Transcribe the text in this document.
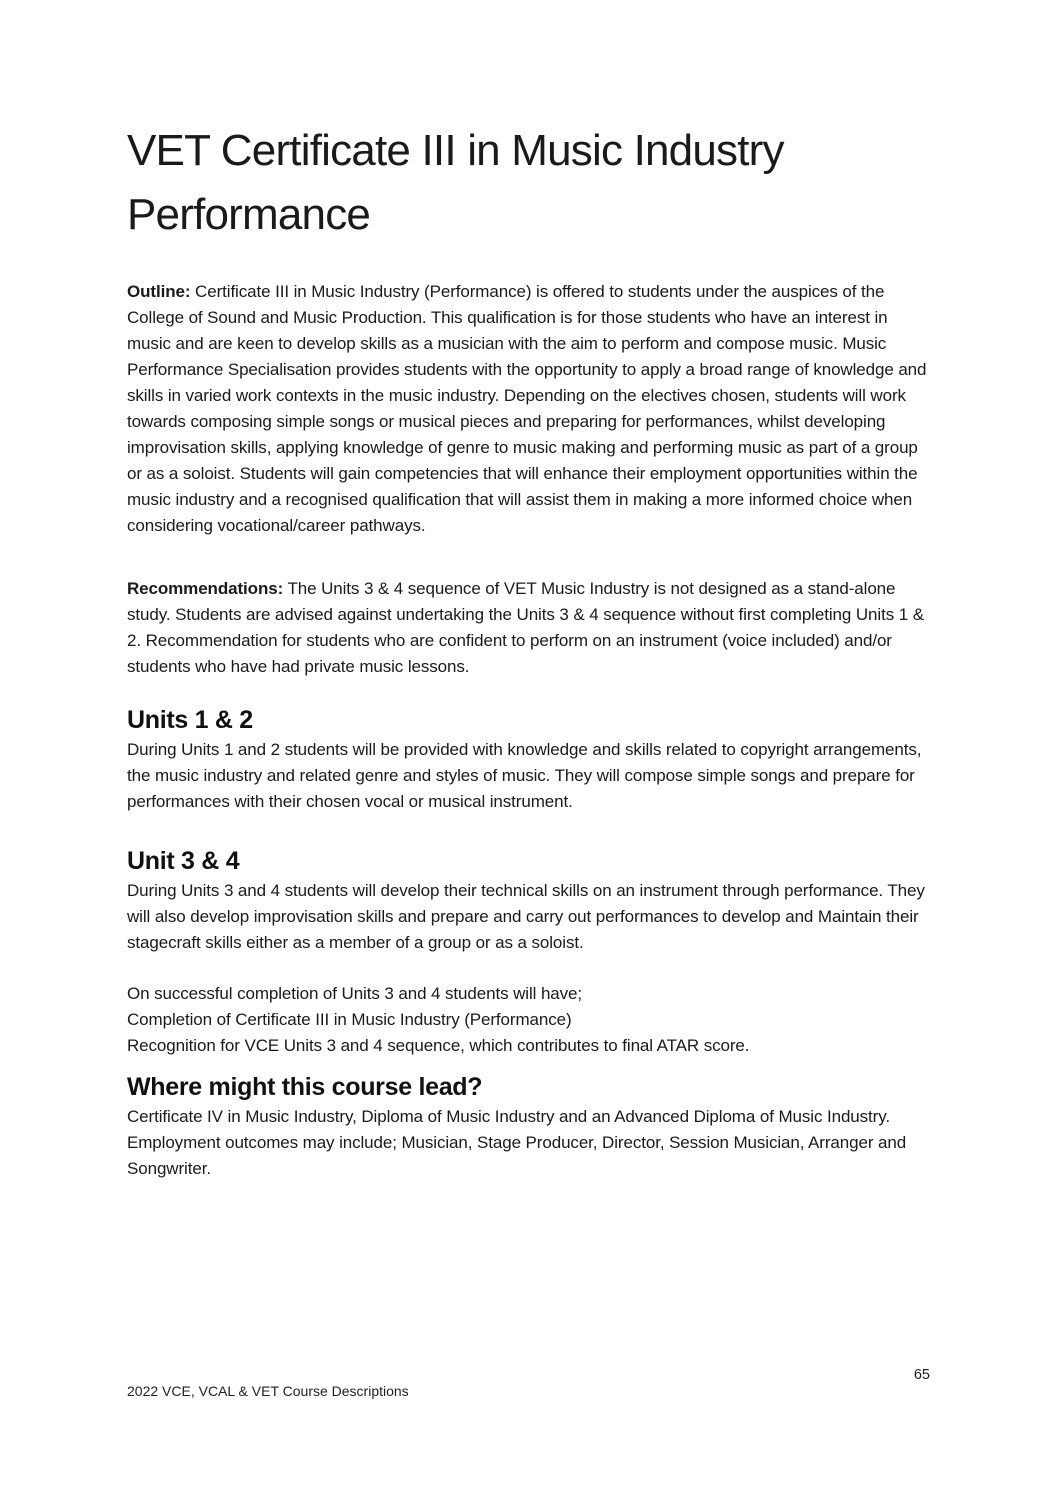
VET Certificate III in Music Industry Performance

Outline: Certificate III in Music Industry (Performance) is offered to students under the auspices of the College of Sound and Music Production. This qualification is for those students who have an interest in music and are keen to develop skills as a musician with the aim to perform and compose music. Music Performance Specialisation provides students with the opportunity to apply a broad range of knowledge and skills in varied work contexts in the music industry. Depending on the electives chosen, students will work towards composing simple songs or musical pieces and preparing for performances, whilst developing improvisation skills, applying knowledge of genre to music making and performing music as part of a group or as a soloist. Students will gain competencies that will enhance their employment opportunities within the music industry and a recognised qualification that will assist them in making a more informed choice when considering vocational/career pathways.

Recommendations: The Units 3 & 4 sequence of VET Music Industry is not designed as a stand-alone study. Students are advised against undertaking the Units 3 & 4 sequence without first completing Units 1 & 2. Recommendation for students who are confident to perform on an instrument (voice included) and/or students who have had private music lessons.

Units 1 & 2

During Units 1 and 2 students will be provided with knowledge and skills related to copyright arrangements, the music industry and related genre and styles of music. They will compose simple songs and prepare for performances with their chosen vocal or musical instrument.

Unit 3 & 4

During Units 3 and 4 students will develop their technical skills on an instrument through performance. They will also develop improvisation skills and prepare and carry out performances to develop and Maintain their stagecraft skills either as a member of a group or as a soloist.

On successful completion of Units 3 and 4 students will have;
Completion of Certificate III in Music Industry (Performance)
Recognition for VCE Units 3 and 4 sequence, which contributes to final ATAR score.
Where might this course lead?

Certificate IV in Music Industry, Diploma of Music Industry and an Advanced Diploma of Music Industry. Employment outcomes may include; Musician, Stage Producer, Director, Session Musician, Arranger and Songwriter.

65
2022 VCE, VCAL & VET Course Descriptions
